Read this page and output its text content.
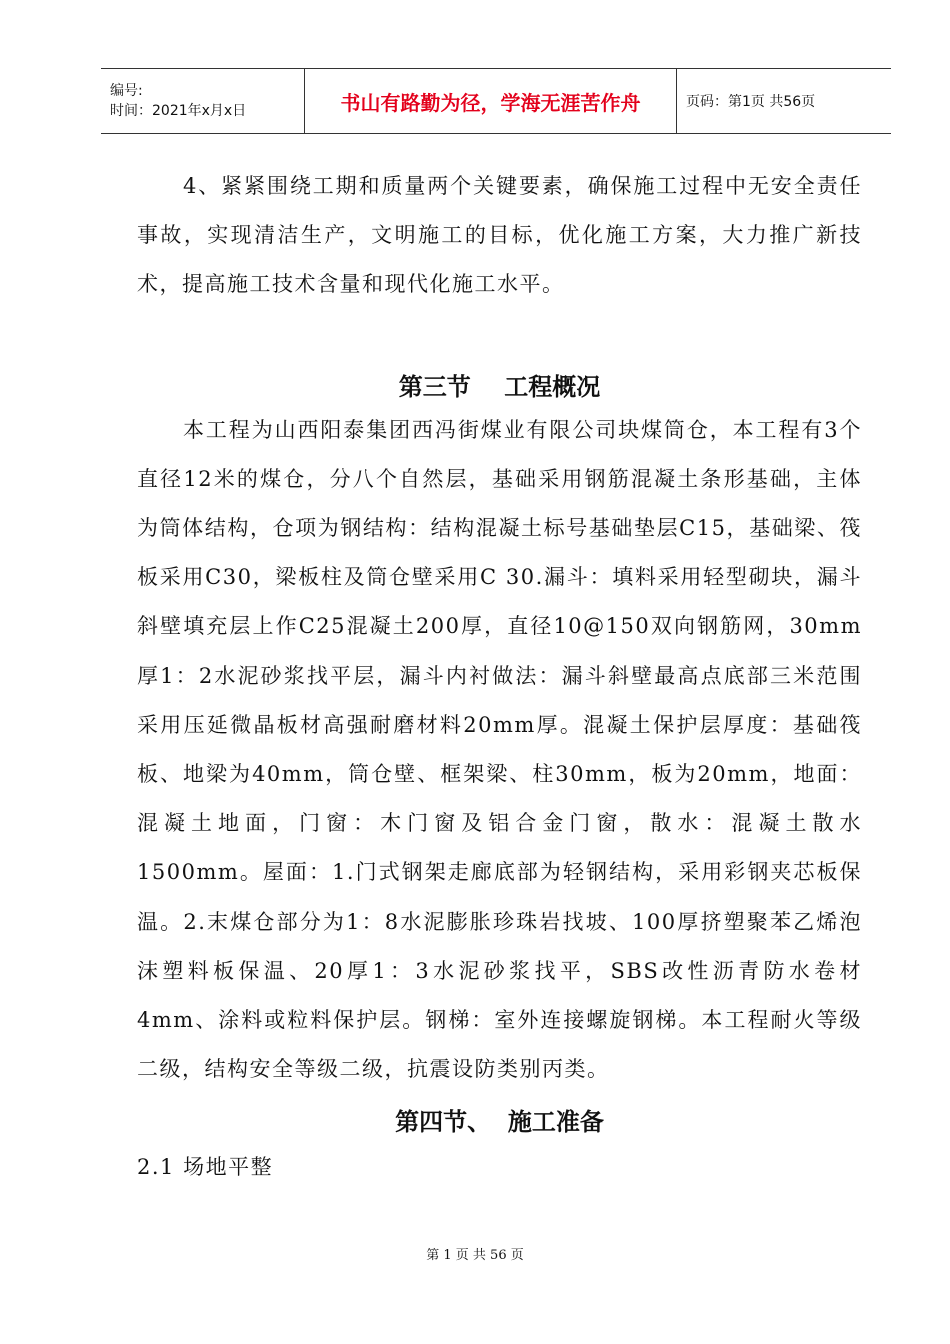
编号:
时间：2021年x月x日	书山有路勤为径，学海无涯苦作舟	页码：第1页 共56页

4、紧紧围绕工期和质量两个关键要素，确保施工过程中无安全责任事故，实现清洁生产，文明施工的目标，优化施工方案，大力推广新技术，提高施工技术含量和现代化施工水平。

第三节    工程概况

本工程为山西阳泰集团西冯街煤业有限公司块煤筒仓，本工程有3个直径12米的煤仓，分八个自然层，基础采用钢筋混凝土条形基础，主体为筒体结构，仓项为钢结构：结构混凝土标号基础垫层C15，基础梁、筏板采用C30，梁板柱及筒仓壁采用C 30.漏斗：填料采用轻型砌块，漏斗斜壁填充层上作C25混凝土200厚，直径10@150双向钢筋网，30mm厚1：2水泥砂浆找平层，漏斗内衬做法：漏斗斜壁最高点底部三米范围采用压延微晶板材高强耐磨材料20mm厚。混凝土保护层厚度：基础筏板、地梁为40mm，筒仓壁、框架梁、柱30mm，板为20mm，地面：混凝土地面，门窗：木门窗及铝合金门窗，散水：混凝土散水1500mm。屋面：1.门式钢架走廊底部为轻钢结构，采用彩钢夹芯板保温。2.末煤仓部分为1：8水泥膨胀珍珠岩找坡、100厚挤塑聚苯乙烯泡沫塑料板保温、20厚1：3水泥砂浆找平，SBS改性沥青防水卷材4mm、涂料或粒料保护层。钢梯：室外连接螺旋钢梯。本工程耐火等级二级，结构安全等级二级，抗震设防类别丙类。

第四节、  施工准备

2.1 场地平整

第 1 页 共 56 页
